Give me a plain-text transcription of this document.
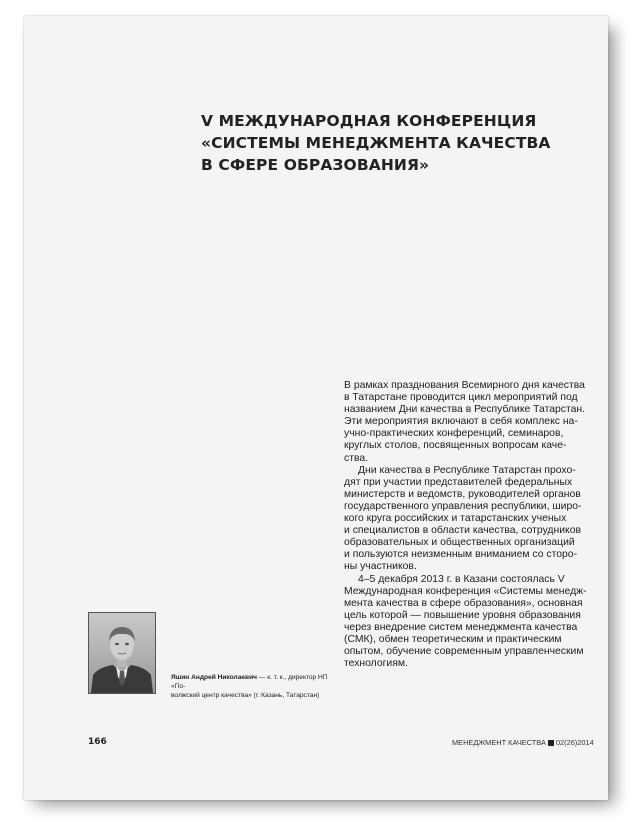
V МЕЖДУНАРОДНАЯ КОНФЕРЕНЦИЯ
«СИСТЕМЫ МЕНЕДЖМЕНТА КАЧЕСТВА
В СФЕРЕ ОБРАЗОВАНИЯ»
В рамках празднования Всемирного дня качества
в Татарстане проводится цикл мероприятий под
названием Дни качества в Республике Татарстан.
Эти мероприятия включают в себя комплекс на-
учно-практических конференций, семинаров,
круглых столов, посвященных вопросам каче-
ства.
Дни качества в Республике Татарстан прохо-
дят при участии представителей федеральных
министерств и ведомств, руководителей органов
государственного управления республики, широ-
кого круга российских и татарстанских ученых
и специалистов в области качества, сотрудников
образовательных и общественных организаций
и пользуются неизменным вниманием со сторо-
ны участников.
4–5 декабря 2013 г. в Казани состоялась V
Международная конференция «Системы менедж-
мента качества в сфере образования», основная
цель которой — повышение уровня образования
через внедрение систем менеджмента качества
(СМК), обмен теоретическим и практическим
опытом, обучение современным управленческим
технологиям.
Яшин Андрей Николаевич — к. т. к., директор НП «По-
волжский центр качества» (г. Казань, Татарстан)
166	МЕНЕДЖМЕНТ КАЧЕСТВА 02(26)2014
